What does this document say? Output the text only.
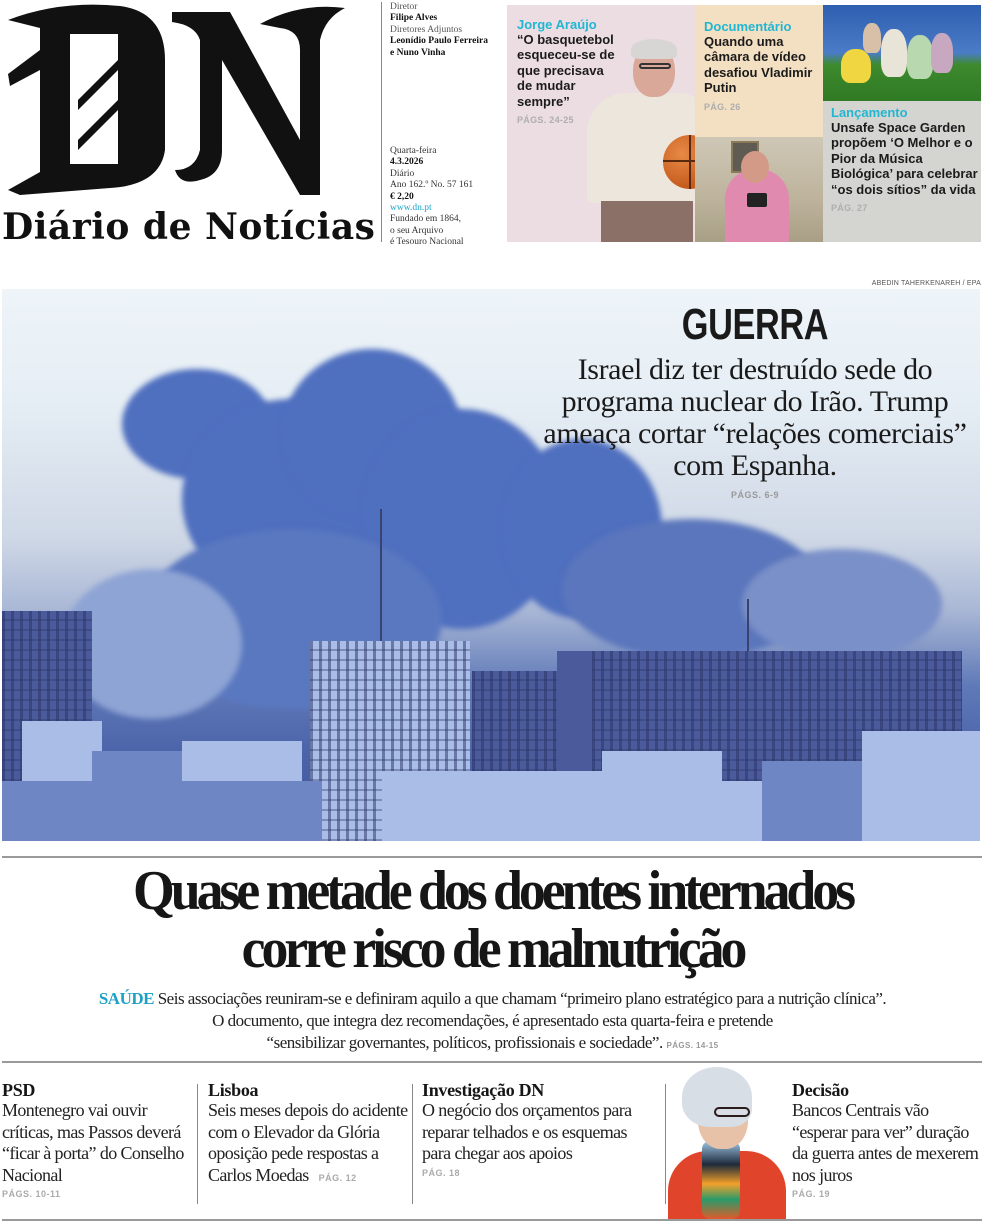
Diário de Notícias
Diretor
Filipe Alves
Diretores Adjuntos
Leonídio Paulo Ferreira
e Nuno Vinha
Quarta-feira
4.3.2026
Diário
Ano 162.º No. 57 161
€ 2,20
www.dn.pt
Fundado em 1864,
o seu Arquivo
é Tesouro Nacional
Jorge Araújo
“O basquetebol esqueceu-se de que precisava de mudar sempre”
PÁGS. 24-25
Documentário
Quando uma câmara de vídeo desafiou Vladimir Putin
PÁG. 26	Lançamento
Unsafe Space Garden propõem ‘O Melhor e o Pior da Música Biológica’ para celebrar “os dois sítios” da vida
PÁG. 27
ABEDIN TAHERKENAREH / EPA
GUERRA
Israel diz ter destruído sede do programa nuclear do Irão. Trump ameaça cortar “relações comerciais” com Espanha.
PÁGS. 6-9
Quase metade dos doentes internados
corre risco de malnutrição
SAÚDE Seis associações reuniram-se e definiram aquilo a que chamam “primeiro plano estratégico para a nutrição clínica”.
O documento, que integra dez recomendações, é apresentado esta quarta-feira e pretende
“sensibilizar governantes, políticos, profissionais e sociedade”. PÁGS. 14-15
PSD
Montenegro vai ouvir críticas, mas Passos deverá “ficar à porta” do Conselho Nacional
PÁGS. 10-11
Lisboa
Seis meses depois do acidente com o Elevador da Glória oposição pede respostas a Carlos Moedas PÁG. 12
Investigação DN
O negócio dos orçamentos para reparar telhados e os esquemas para chegar aos apoios
PÁG. 18
Decisão
Bancos Centrais vão “esperar para ver” duração da guerra antes de mexerem nos juros
PÁG. 19
